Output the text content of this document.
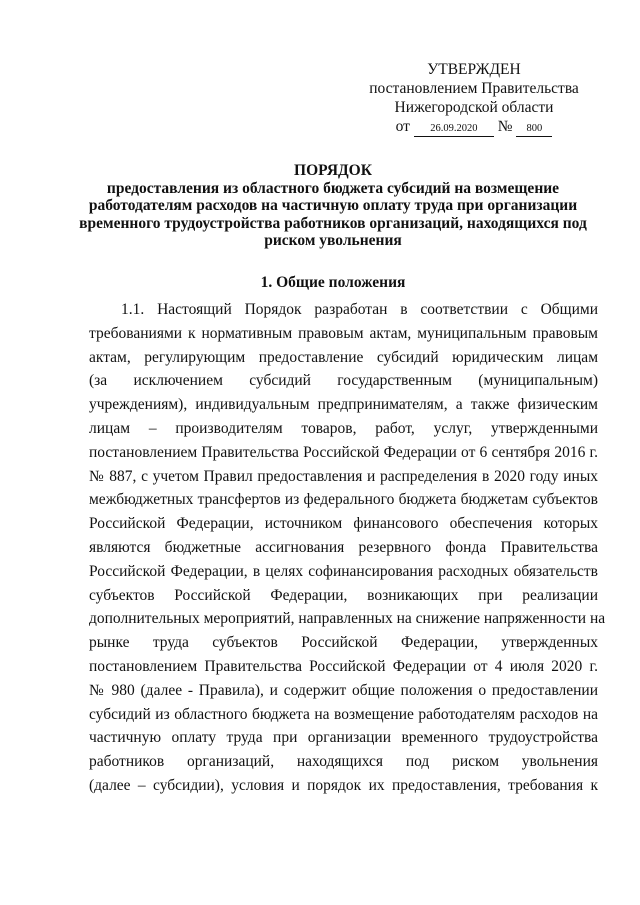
УТВЕРЖДЕН
постановлением Правительства
Нижегородской области
от 26.09.2020 № 800
ПОРЯДОК
предоставления из областного бюджета субсидий на возмещение
работодателям расходов на частичную оплату труда при организации
временного трудоустройства работников организаций, находящихся под
риском увольнения
1. Общие положения
1.1. Настоящий Порядок разработан в соответствии с Общими
требованиями к нормативным правовым актам, муниципальным правовым
актам, регулирующим предоставление субсидий юридическим лицам
(за исключением субсидий государственным (муниципальным)
учреждениям), индивидуальным предпринимателям, а также физическим
лицам – производителям товаров, работ, услуг, утвержденными
постановлением Правительства Российской Федерации от 6 сентября 2016 г.
№ 887, с учетом Правил предоставления и распределения в 2020 году иных
межбюджетных трансфертов из федерального бюджета бюджетам субъектов
Российской Федерации, источником финансового обеспечения которых
являются бюджетные ассигнования резервного фонда Правительства
Российской Федерации, в целях софинансирования расходных обязательств
субъектов Российской Федерации, возникающих при реализации
дополнительных мероприятий, направленных на снижение напряженности на
рынке труда субъектов Российской Федерации, утвержденных
постановлением Правительства Российской Федерации от 4 июля 2020 г.
№ 980 (далее - Правила), и содержит общие положения о предоставлении
субсидий из областного бюджета на возмещение работодателям расходов на
частичную оплату труда при организации временного трудоустройства
работников организаций, находящихся под риском увольнения
(далее – субсидии), условия и порядок их предоставления, требования к
